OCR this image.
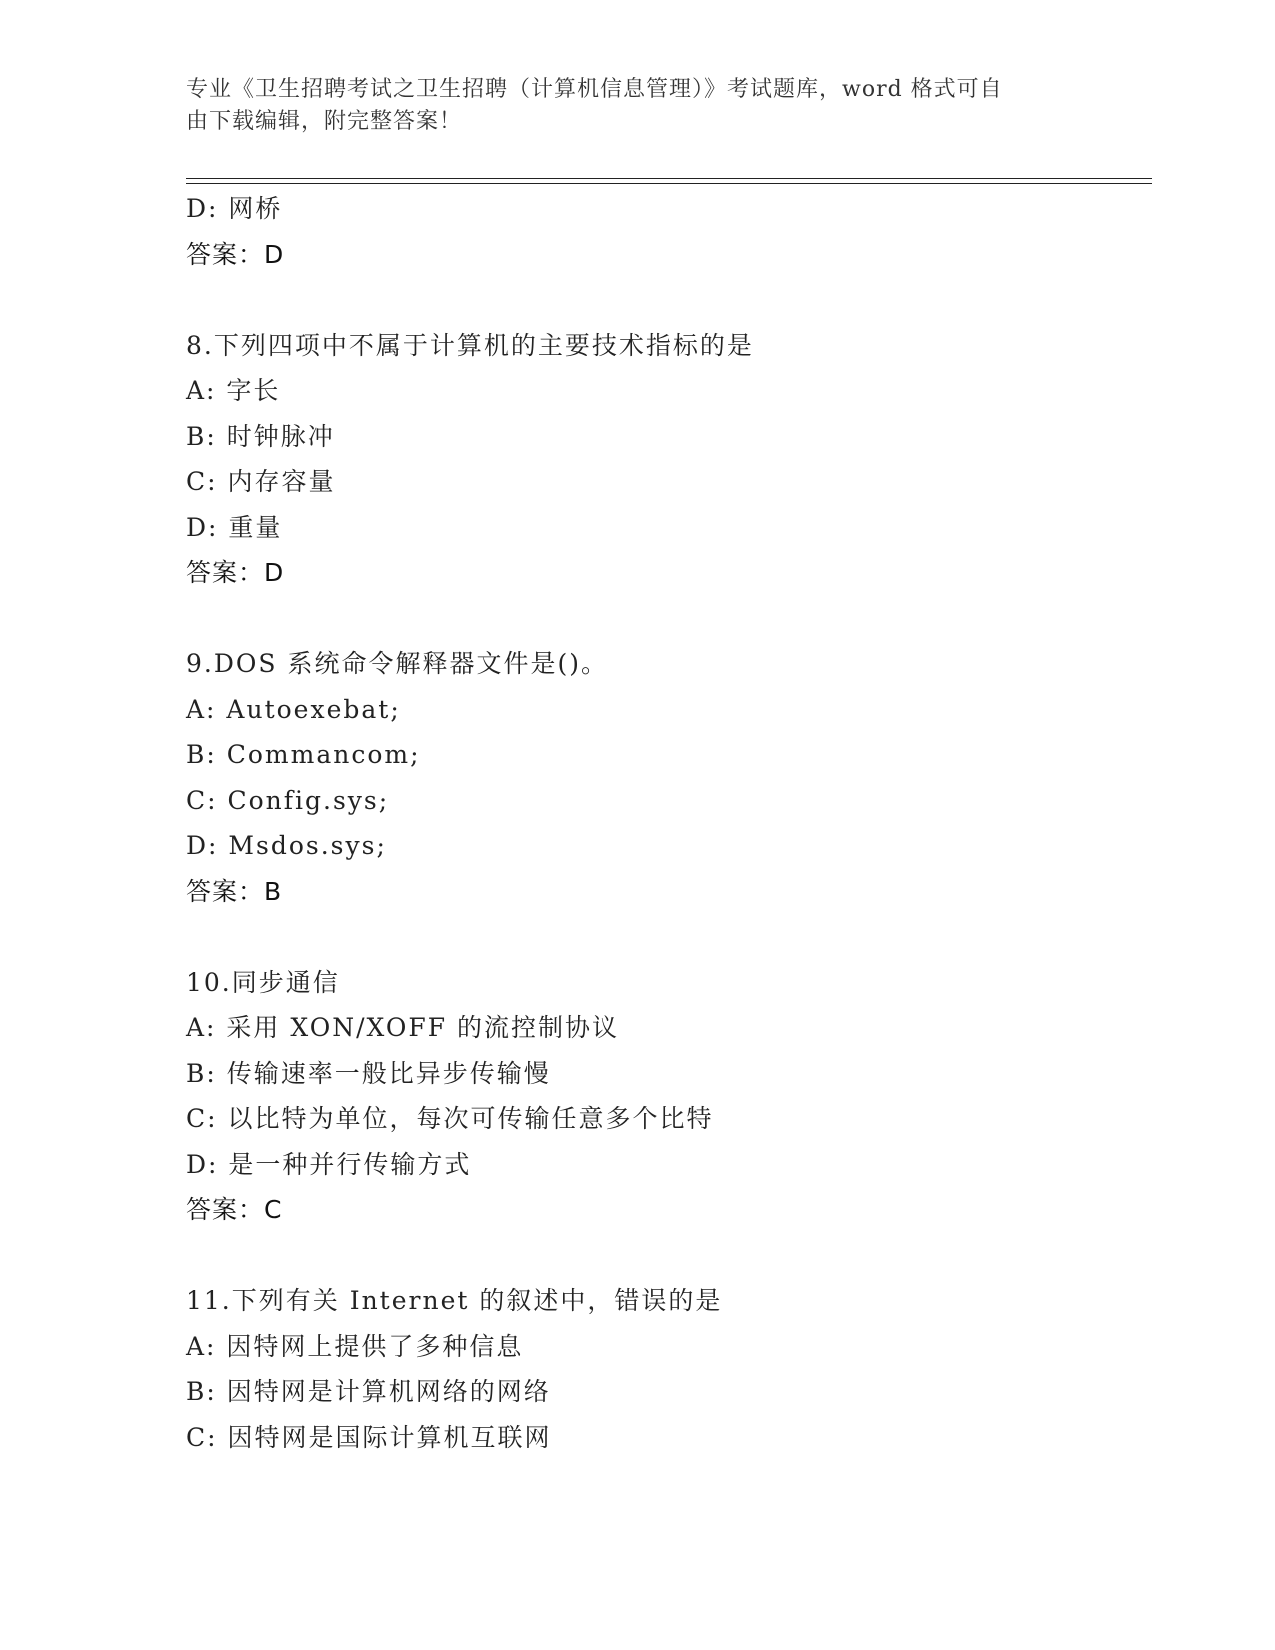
专业《卫生招聘考试之卫生招聘（计算机信息管理）》考试题库，word 格式可自
由下载编辑，附完整答案！
D: 网桥
答案：D
8.下列四项中不属于计算机的主要技术指标的是
A: 字长
B: 时钟脉冲
C: 内存容量
D: 重量
答案：D
9.DOS 系统命令解释器文件是()。
A: Autoexebat;
B: Commancom;
C: Config.sys;
D: Msdos.sys;
答案：B
10.同步通信
A: 采用 XON/XOFF 的流控制协议
B: 传输速率一般比异步传输慢
C: 以比特为单位，每次可传输任意多个比特
D: 是一种并行传输方式
答案：C
11.下列有关 Internet 的叙述中，错误的是
A: 因特网上提供了多种信息
B: 因特网是计算机网络的网络
C: 因特网是国际计算机互联网
